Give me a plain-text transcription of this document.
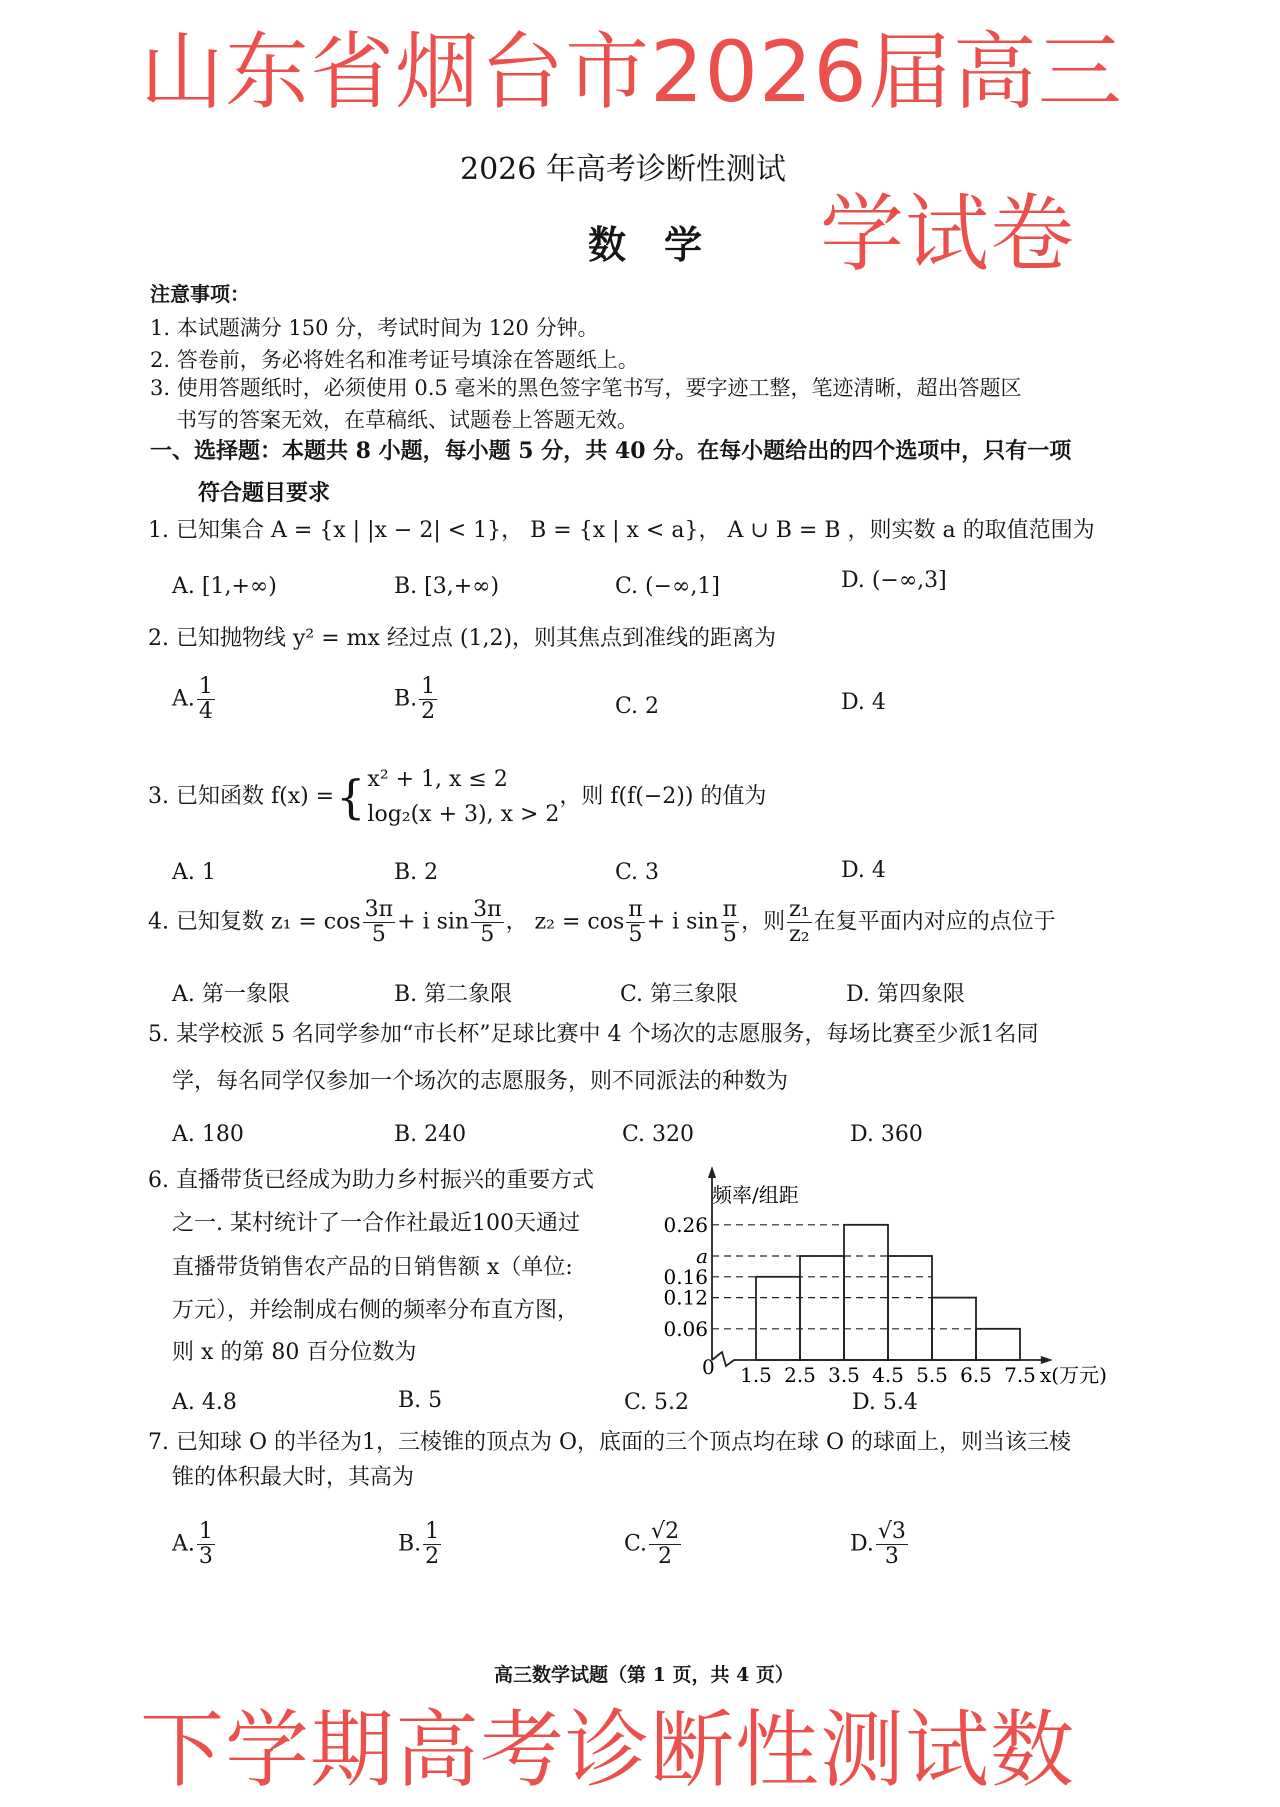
2026 年高考诊断性测试
数　学
注意事项：
1. 本试题满分 150 分，考试时间为 120 分钟。
2. 答卷前，务必将姓名和准考证号填涂在答题纸上。
3. 使用答题纸时，必须使用 0.5 毫米的黑色签字笔书写，要字迹工整，笔迹清晰，超出答题区
书写的答案无效，在草稿纸、试题卷上答题无效。
一、选择题：本题共 8 小题，每小题 5 分，共 40 分。在每小题给出的四个选项中，只有一项
符合题目要求
1. 已知集合 A = {x | |x − 2| < 1}， B = {x | x < a}， A ∪ B = B ，则实数 a 的取值范围为
A. [1,+∞)	B. [3,+∞)	C. (−∞,1]	D. (−∞,3]
2. 已知抛物线 y² = mx 经过点 (1,2)，则其焦点到准线的距离为
A. $\frac{1}{4}$	B. $\frac{1}{2}$	C. 2	D. 4
3. 已知函数 f(x) ={ x² + 1, x ≤ 2
log₂(x + 3), x > 2
，则 f(f(−2)) 的值为
A. 1	B. 2	C. 3	D. 4
4. 已知复数 $z_1 = \cos \frac{3\pi}{5} + i$ $\sin \frac{3\pi}{5}$ ， $z_2 = \cos \frac{\pi}{5} + i$ $\sin \frac{\pi}{5}$ ，则 $\frac{\text{z₁}}{\text{z₂}}$ 在复平面内对应的点位于
A. 第一象限	B. 第二象限	C. 第三象限	D. 第四象限
5. 某学校派 5 名同学参加“市长杯”足球比赛中 4 个场次的志愿服务，每场比赛至少派1名同
学，每名同学仅参加一个场次的志愿服务，则不同派法的种数为
A. 180	B. 240	C. 320	D. 360
6. 直播带货已经成为助力乡村振兴的重要方式
之一. 某村统计了一合作社最近100天通过
直播带货销售农产品的日销售额 x（单位:
万元），并绘制成右侧的频率分布直方图，
则 x 的第 80 百分位数为
A. 4.8	B. 5	C. 5.2	D. 5.4
频率/组距
x(万元)
0
0.26
a
0.16
0.12
0.06
1.5 2.5 3.5 4.5 5.5 6.5 7.5
7. 已知球 O 的半径为1，三棱锥的顶点为 O，底面的三个顶点均在球 O 的球面上，则当该三棱
锥的体积最大时，其高为
A. $\frac{1}{3}$	B. $\frac{1}{2}$	C. $\frac{√2}{2}$	D. $\frac{√3}{3}$
高三数学试题（第 1 页，共 4 页）
山东省烟台市2026届高三
下学期高考诊断性测试数
学试卷
